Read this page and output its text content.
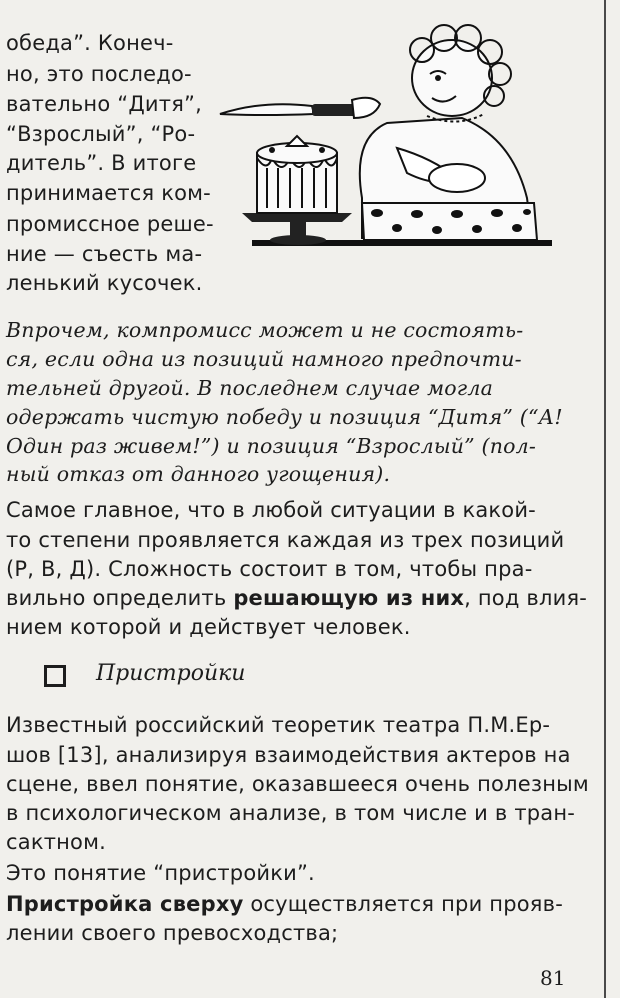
обеда”. Конеч-
но, это последо-
вательно “Дитя”,
“Взрослый”, “Ро-
дитель”. В итоге
принимается ком-
промиссное реше-
ние — съесть ма-
ленький кусочек.
Впрочем, компромисс может и не состоять-
ся, если одна из позиций намного предпочти-
тельней другой. В последнем случае могла
одержать чистую победу и позиция “Дитя” (“А!
Один раз живем!”) и позиция “Взрослый” (пол-
ный отказ от данного угощения).
Самое главное, что в любой ситуации в какой-
то степени проявляется каждая из трех позиций
(Р, В, Д). Сложность состоит в том, чтобы пра-
вильно определить решающую из них, под влия-
нием которой и действует человек.
Пристройки
Известный российский теоретик театра П.М.Ер-
шов [13], анализируя взаимодействия актеров на
сцене, ввел понятие, оказавшееся очень полезным
в психологическом анализе, в том числе и в тран-
сактном.
Это понятие “пристройки”.
Пристройка сверху осуществляется при прояв-
лении своего превосходства;
81
